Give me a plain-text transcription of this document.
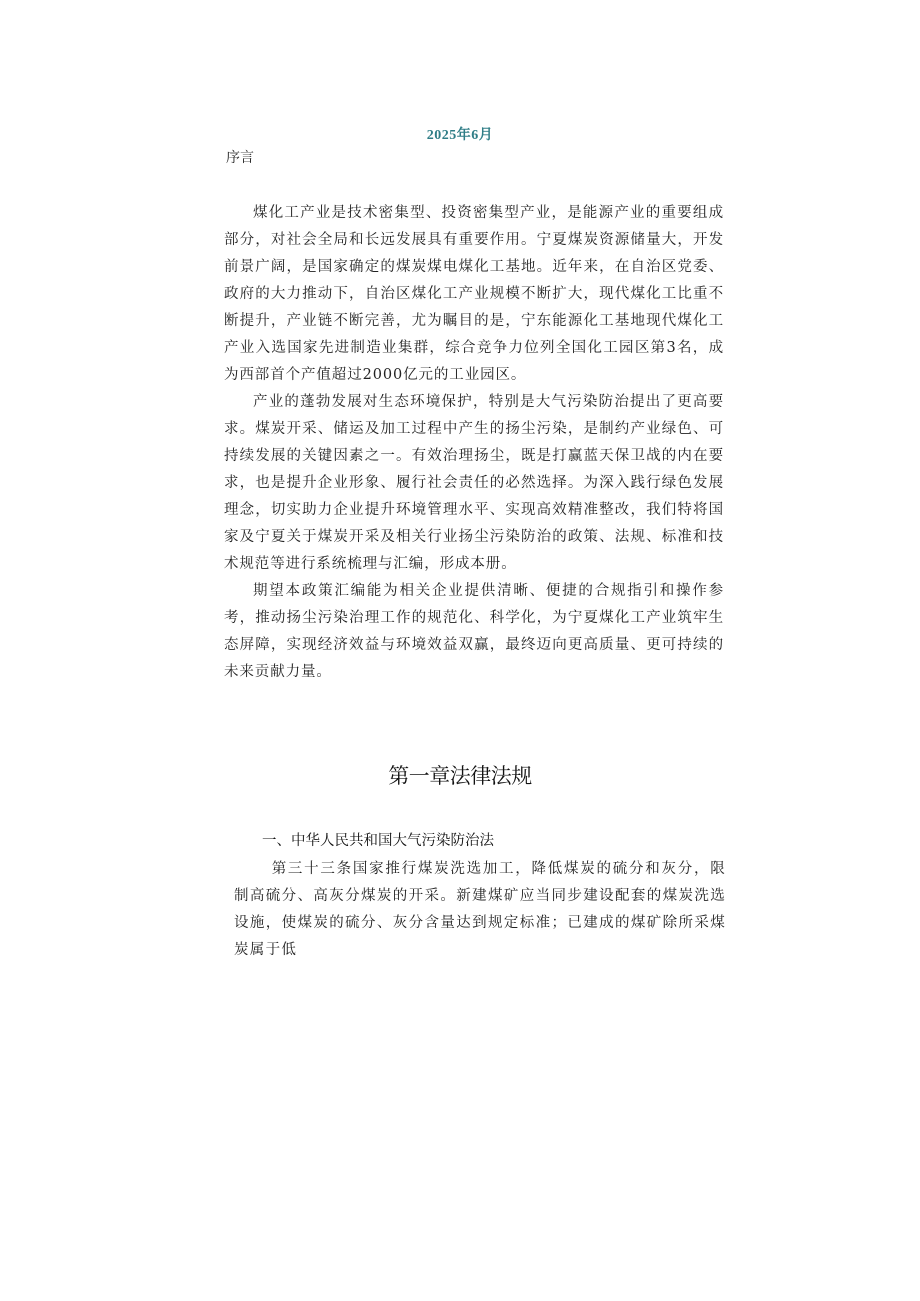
2025年6月
序言

煤化工产业是技术密集型、投资密集型产业，是能源产业的重要组成部分，对社会全局和长远发展具有重要作用。宁夏煤炭资源储量大，开发前景广阔，是国家确定的煤炭煤电煤化工基地。近年来，在自治区党委、政府的大力推动下，自治区煤化工产业规模不断扩大，现代煤化工比重不断提升，产业链不断完善，尤为瞩目的是，宁东能源化工基地现代煤化工产业入选国家先进制造业集群，综合竞争力位列全国化工园区第3名，成为西部首个产值超过2000亿元的工业园区。

产业的蓬勃发展对生态环境保护，特别是大气污染防治提出了更高要求。煤炭开采、储运及加工过程中产生的扬尘污染，是制约产业绿色、可持续发展的关键因素之一。有效治理扬尘，既是打赢蓝天保卫战的内在要求，也是提升企业形象、履行社会责任的必然选择。为深入践行绿色发展理念，切实助力企业提升环境管理水平、实现高效精准整改，我们特将国家及宁夏关于煤炭开采及相关行业扬尘污染防治的政策、法规、标准和技术规范等进行系统梳理与汇编，形成本册。

期望本政策汇编能为相关企业提供清晰、便捷的合规指引和操作参考，推动扬尘污染治理工作的规范化、科学化，为宁夏煤化工产业筑牢生态屏障，实现经济效益与环境效益双赢，最终迈向更高质量、更可持续的未来贡献力量。

第一章法律法规
一、中华人民共和国大气污染防治法

第三十三条国家推行煤炭洗选加工，降低煤炭的硫分和灰分，限制高硫分、高灰分煤炭的开采。新建煤矿应当同步建设配套的煤炭洗选设施，使煤炭的硫分、灰分含量达到规定标准；已建成的煤矿除所采煤炭属于低
